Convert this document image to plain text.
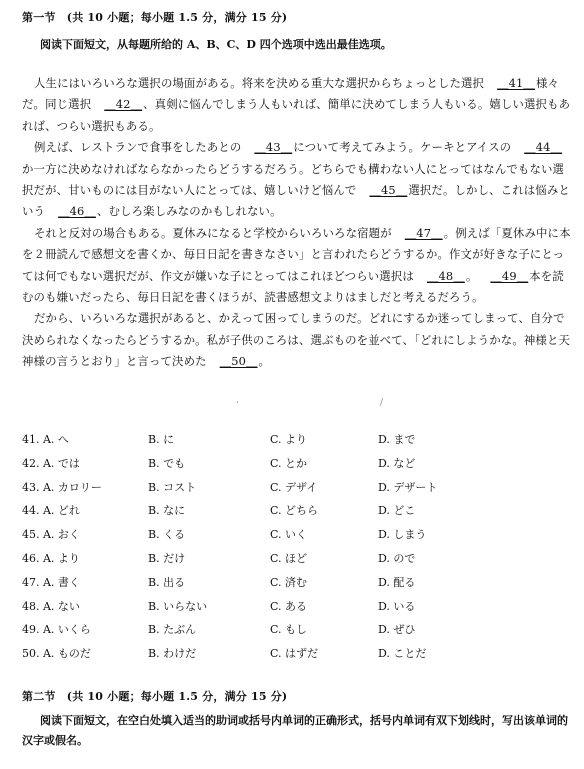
第一节　(共 10 小题；每小题 1.5 分，满分 15 分)
阅读下面短文，从每题所给的 A、B、C、D 四个选项中选出最佳选项。

人生にはいろいろな選択の場面がある。将来を決める重大な選択からちょっとした選択 ＿41＿様々だ。同じ選択 ＿42＿、真剣に悩んでしまう人もいれば、簡単に決めてしまう人もいる。嬉しい選択もあれば、つらい選択もある。

例えば、レストランで食事をしたあとの ＿43＿について考えてみよう。ケーキとアイスの ＿44＿か一方に決めなければならなかったらどうするだろう。どちらでも構わない人にとってはなんでもない選択だが、甘いものには目がない人にとっては、嬉しいけど悩んで ＿45＿選択だ。しかし、これは悩みという ＿46＿、むしろ楽しみなのかもしれない。

それと反対の場合もある。夏休みになると学校からいろいろな宿題が ＿47＿。例えば「夏休み中に本を２冊読んで感想文を書くか、毎日日記を書きなさい」と言われたらどうするか。作文が好きな子にとっては何でもない選択だが、作文が嫌いな子にとってはこれほどつらい選択は ＿48＿。 ＿49＿本を読むのも嫌いだったら、毎日日記を書くほうが、読書感想文よりはましだと考えるだろう。

だから、いろいろな選択があると、かえって困ってしまうのだ。どれにするか迷ってしまって、自分で決められなくなったらどうするか。私が子供のころは、選ぶものを並べて、「どれにしようかな。神様と天神様の言うとおり」と言って決めた ＿50＿。

·	/
41. A. へ	B. に	C. より	D. まで
42. A. では	B. でも	C. とか	D. など
43. A. カロリー	B. コスト	C. デザイ	D. デザート
44. A. どれ	B. なに	C. どちら	D. どこ
45. A. おく	B. くる	C. いく	D. しまう
46. A. より	B. だけ	C. ほど	D. ので
47. A. 書く	B. 出る	C. 済む	D. 配る
48. A. ない	B. いらない	C. ある	D. いる
49. A. いくら	B. たぶん	C. もし	D. ぜひ
50. A. ものだ	B. わけだ	C. はずだ	D. ことだ
第二节　(共 10 小题；每小题 1.5 分，满分 15 分)
阅读下面短文，在空白处填入适当的助词或括号内单词的正确形式，括号内单词有双下划线时，写出该单词的汉字或假名。
